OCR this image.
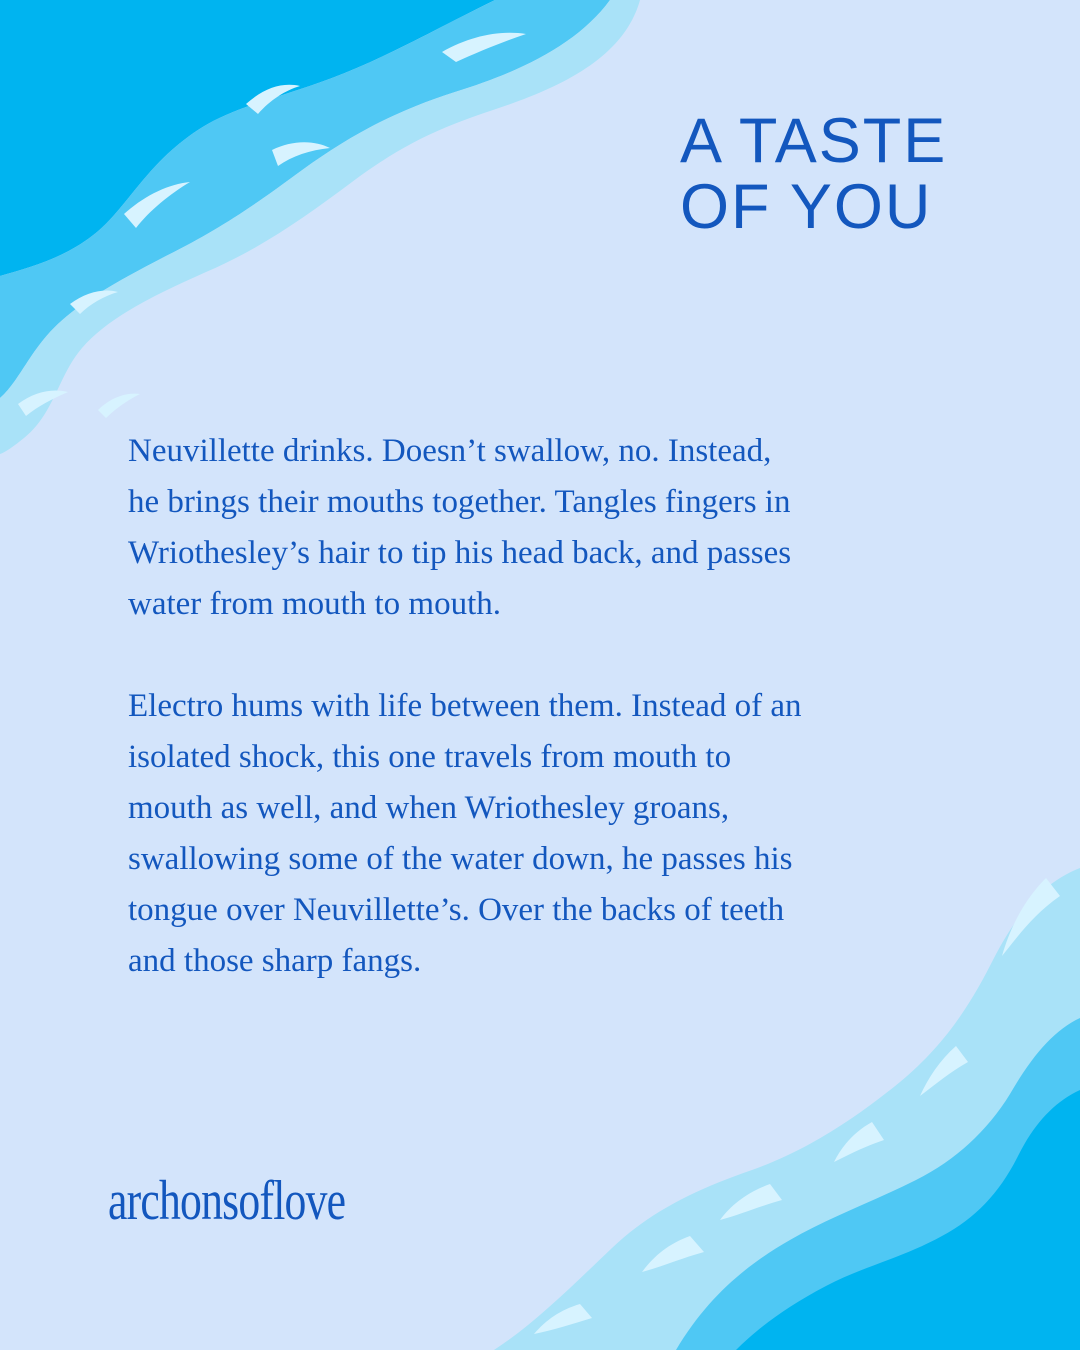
A TASTE
OF YOU

Neuvillette drinks. Doesn’t swallow, no. Instead,
he brings their mouths together. Tangles fingers in
Wriothesley’s hair to tip his head back, and passes
water from mouth to mouth.

Electro hums with life between them. Instead of an
isolated shock, this one travels from mouth to
mouth as well, and when Wriothesley groans,
swallowing some of the water down, he passes his
tongue over Neuvillette’s. Over the backs of teeth
and those sharp fangs.

archonsoflove
